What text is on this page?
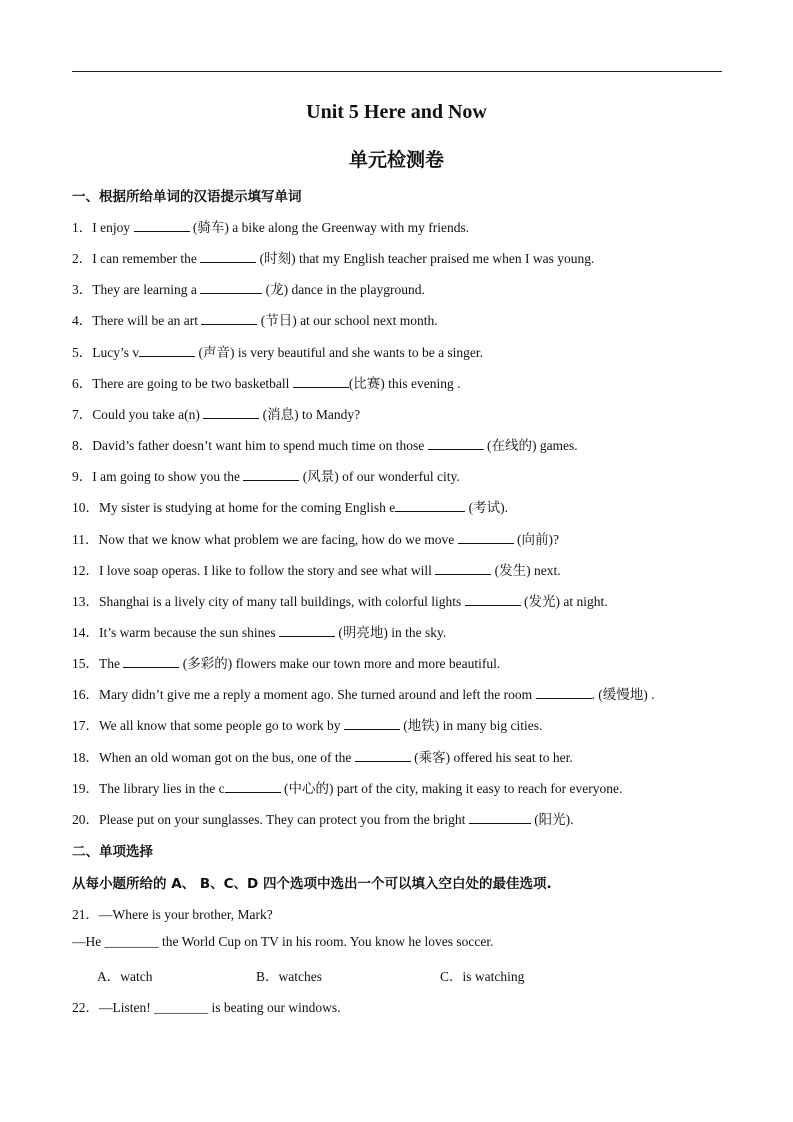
Unit 5 Here and Now
单元检测卷
一、根据所给单词的汉语提示填写单词
1．I enjoy	(骑车) a bike along the Greenway with my friends.
2．I can remember the	(时刻) that my English teacher praised me when I was young.
3．They are learning a	(龙) dance in the playground.
4．There will be an art	(节日) at our school next month.
5．Lucy’s v	(声音) is very beautiful and she wants to be a singer.
6．There are going to be two basketball	(比赛) this evening .
7．Could you take a(n)	(消息) to Mandy?
8．David’s father doesn’t want him to spend much time on those	(在线的) games.
9．I am going to show you the	(风景) of our wonderful city.
10．My sister is studying at home for the coming English e	(考试).
11．Now that we know what problem we are facing, how do we move	(向前)?
12．I love soap operas. I like to follow the story and see what will	(发生) next.
13．Shanghai is a lively city of many tall buildings, with colorful lights	(发光) at night.
14．It’s warm because the sun shines	(明亮地) in the sky.
15．The	(多彩的) flowers make our town more and more beautiful.
16．Mary didn’t give me a reply a moment ago. She turned around and left the room	. (缓慢地) .
17．We all know that some people go to work by	(地铁) in many big cities.
18．When an old woman got on the bus, one of the	(乘客) offered his seat to her.
19．The library lies in the c	(中心的) part of the city, making it easy to reach for everyone.
20．Please put on your sunglasses. They can protect you from the bright	(阳光).
二、单项选择
从每小题所给的 A、 B、C、D 四个选项中选出一个可以填入空白处的最佳选项.
21．—Where is your brother, Mark?
—He ________ the World Cup on TV in his room. You know he loves soccer.
A．watch	B．watches	C．is watching
22．—Listen! ________ is beating our windows.
